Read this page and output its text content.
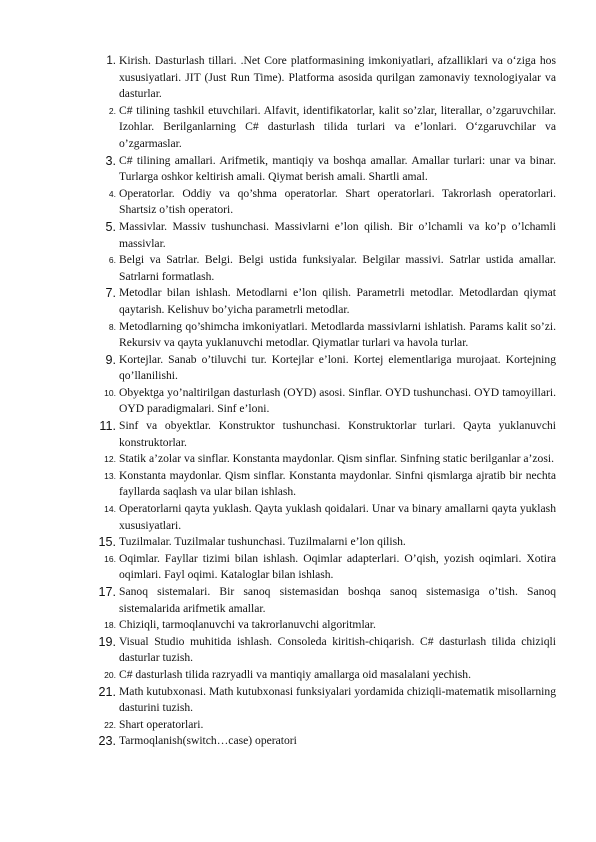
1. Kirish. Dasturlash tillari. .Net Core platformasining imkoniyatlari, afzalliklari va o‘ziga hos xususiyatlari. JIT (Just Run Time). Platforma asosida qurilgan zamonaviy texnologiyalar va dasturlar.
2. C# tilining tashkil etuvchilari. Alfavit, identifikatorlar, kalit so’zlar, literallar, o’zgaruvchilar. Izohlar. Berilganlarning C# dasturlash tilida turlari va e’lonlari. O‘zgaruvchilar va o’zgarmaslar.
3. C# tilining amallari. Arifmetik, mantiqiy va boshqa amallar. Amallar turlari: unar va binar. Turlarga oshkor keltirish amali. Qiymat berish amali. Shartli amal.
4. Operatorlar. Oddiy va qo’shma operatorlar. Shart operatorlari. Takrorlash operatorlari. Shartsiz o’tish operatori.
5. Massivlar. Massiv tushunchasi. Massivlarni e’lon qilish. Bir o’lchamli va ko’p o’lchamli massivlar.
6. Belgi va Satrlar. Belgi. Belgi ustida funksiyalar. Belgilar massivi. Satrlar ustida amallar. Satrlarni formatlash.
7. Metodlar bilan ishlash. Metodlarni e’lon qilish. Parametrli metodlar. Metodlardan qiymat qaytarish. Kelishuv bo’yicha parametrli metodlar.
8. Metodlarning qo’shimcha imkoniyatlari. Metodlarda massivlarni ishlatish. Params kalit so’zi. Rekursiv va qayta yuklanuvchi metodlar. Qiymatlar turlari va havola turlar.
9. Kortejlar. Sanab o’tiluvchi tur. Kortejlar e’loni. Kortej elementlariga murojaat. Kortejning qo’llanilishi.
10. Obyektga yo’naltirilgan dasturlash (OYD) asosi. Sinflar. OYD tushunchasi. OYD tamoyillari. OYD paradigmalari. Sinf e’loni.
11. Sinf va obyektlar. Konstruktor tushunchasi. Konstruktorlar turlari. Qayta yuklanuvchi konstruktorlar.
12. Statik a’zolar va sinflar. Konstanta maydonlar. Qism sinflar. Sinfning static berilganlar a’zosi.
13. Konstanta maydonlar. Qism sinflar. Konstanta maydonlar. Sinfni qismlarga ajratib bir nechta fayllarda saqlash va ular bilan ishlash.
14. Operatorlarni qayta yuklash. Qayta yuklash qoidalari. Unar va binary amallarni qayta yuklash xususiyatlari.
15. Tuzilmalar. Tuzilmalar tushunchasi. Tuzilmalarni e’lon qilish.
16. Oqimlar. Fayllar tizimi bilan ishlash. Oqimlar adapterlari. O’qish, yozish oqimlari. Xotira oqimlari. Fayl oqimi. Kataloglar bilan ishlash.
17. Sanoq sistemalari. Bir sanoq sistemasidan boshqa sanoq sistemasiga o’tish. Sanoq sistemalarida arifmetik amallar.
18. Chiziqli, tarmoqlanuvchi va takrorlanuvchi algoritmlar.
19. Visual Studio muhitida ishlash. Consoleda kiritish-chiqarish. C# dasturlash tilida chiziqli dasturlar tuzish.
20. C# dasturlash tilida razryadli va mantiqiy amallarga oid masalalani yechish.
21. Math kutubxonasi. Math kutubxonasi funksiyalari yordamida chiziqli-matematik misollarning dasturini tuzish.
22. Shart operatorlari.
23. Tarmoqlanish(switch…case) operatori
